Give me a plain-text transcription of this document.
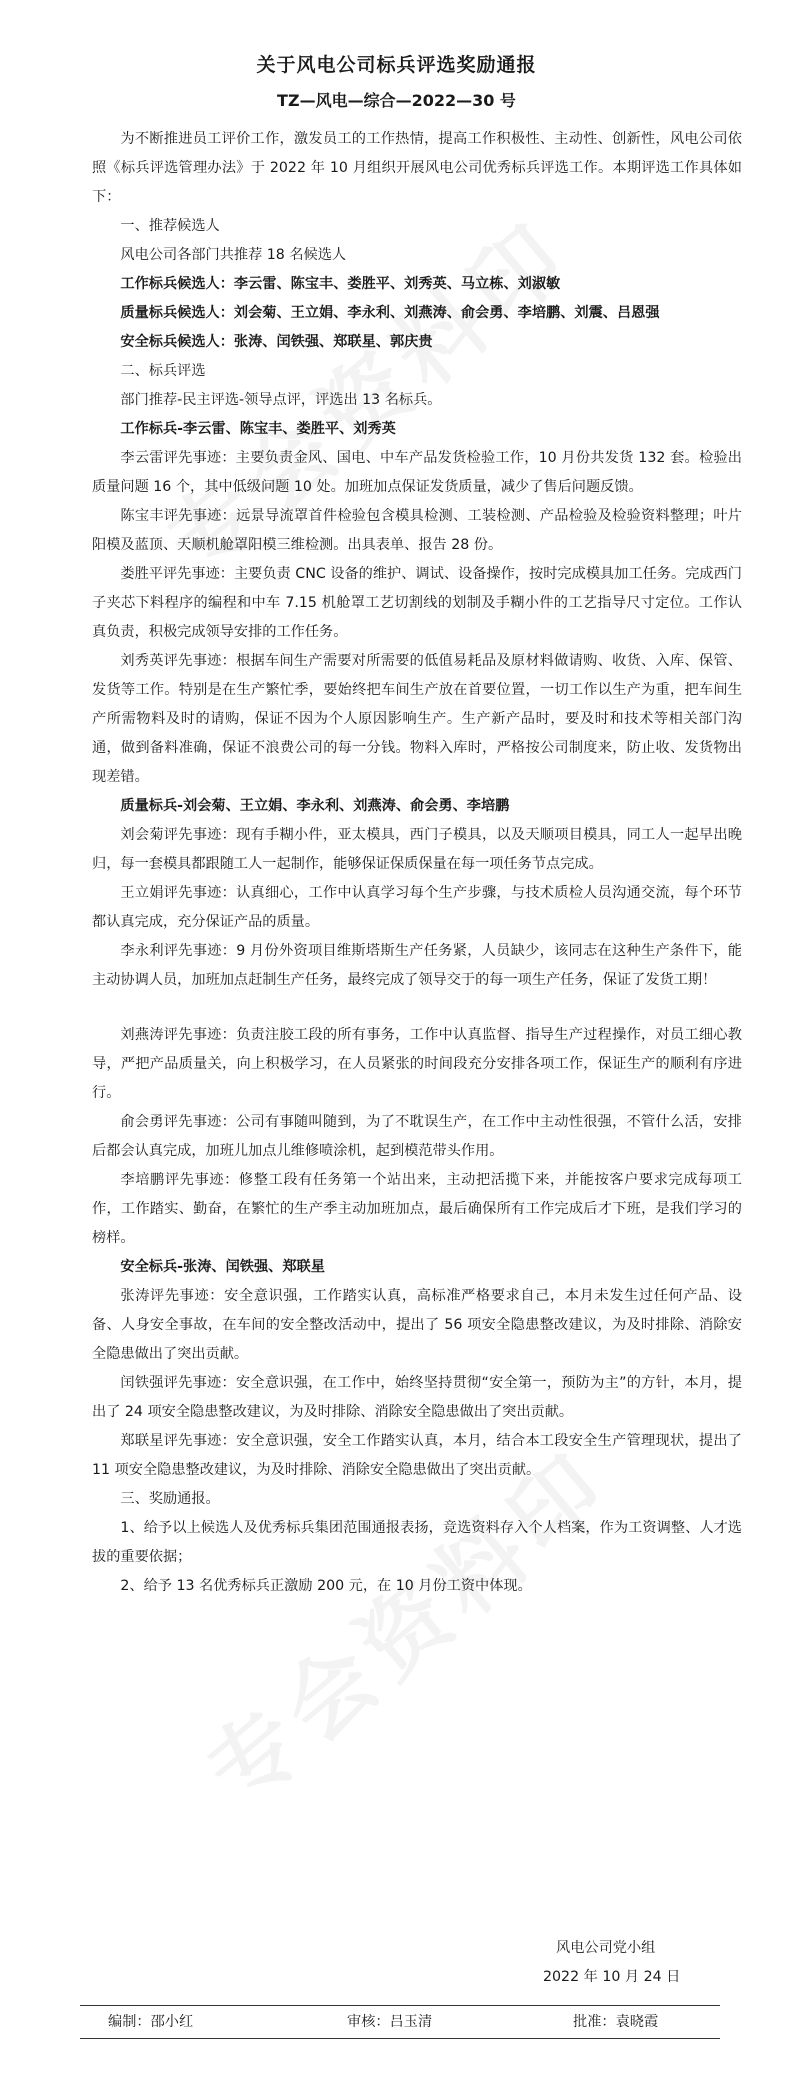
关于风电公司标兵评选奖励通报
TZ—风电—综合—2022—30 号

为不断推进员工评价工作，激发员工的工作热情，提高工作积极性、主动性、创新性，风电公司依照《标兵评选管理办法》于 2022 年 10 月组织开展风电公司优秀标兵评选工作。本期评选工作具体如下：

一、推荐候选人

风电公司各部门共推荐 18 名候选人

工作标兵候选人：李云雷、陈宝丰、娄胜平、刘秀英、马立栋、刘淑敏

质量标兵候选人：刘会菊、王立娟、李永利、刘燕涛、俞会勇、李培鹏、刘震、吕恩强

安全标兵候选人：张涛、闰铁强、郑联星、郭庆贵

二、标兵评选

部门推荐-民主评选-领导点评，评选出 13 名标兵。

工作标兵-李云雷、陈宝丰、娄胜平、刘秀英

李云雷评先事迹：主要负责金风、国电、中车产品发货检验工作，10 月份共发货 132 套。检验出质量问题 16 个，其中低级问题 10 处。加班加点保证发货质量，减少了售后问题反馈。

陈宝丰评先事迹：远景导流罩首件检验包含模具检测、工装检测、产品检验及检验资料整理；叶片阳模及蓝顶、天顺机舱罩阳模三维检测。出具表单、报告 28 份。

娄胜平评先事迹：主要负责 CNC 设备的维护、调试、设备操作，按时完成模具加工任务。完成西门子夹芯下料程序的编程和中车 7.15 机舱罩工艺切割线的划制及手糊小件的工艺指导尺寸定位。工作认真负责，积极完成领导安排的工作任务。

刘秀英评先事迹：根据车间生产需要对所需要的低值易耗品及原材料做请购、收货、入库、保管、发货等工作。特别是在生产繁忙季，要始终把车间生产放在首要位置，一切工作以生产为重，把车间生产所需物料及时的请购，保证不因为个人原因影响生产。生产新产品时，要及时和技术等相关部门沟通，做到备料准确，保证不浪费公司的每一分钱。物料入库时，严格按公司制度来，防止收、发货物出现差错。

质量标兵-刘会菊、王立娟、李永利、刘燕涛、俞会勇、李培鹏

刘会菊评先事迹：现有手糊小件，亚太模具，西门子模具，以及天顺项目模具，同工人一起早出晚归，每一套模具都跟随工人一起制作，能够保证保质保量在每一项任务节点完成。

王立娟评先事迹：认真细心，工作中认真学习每个生产步骤，与技术质检人员沟通交流，每个环节都认真完成，充分保证产品的质量。

李永利评先事迹：9 月份外资项目维斯塔斯生产任务紧，人员缺少，该同志在这种生产条件下，能主动协调人员，加班加点赶制生产任务，最终完成了领导交于的每一项生产任务，保证了发货工期！

刘燕涛评先事迹：负责注胶工段的所有事务，工作中认真监督、指导生产过程操作，对员工细心教导，严把产品质量关，向上积极学习，在人员紧张的时间段充分安排各项工作，保证生产的顺利有序进行。

俞会勇评先事迹：公司有事随叫随到，为了不耽误生产，在工作中主动性很强，不管什么活，安排后都会认真完成，加班儿加点儿维修喷涂机，起到模范带头作用。

李培鹏评先事迹：修整工段有任务第一个站出来，主动把活揽下来，并能按客户要求完成每项工作，工作踏实、勤奋，在繁忙的生产季主动加班加点，最后确保所有工作完成后才下班，是我们学习的榜样。

安全标兵-张涛、闰铁强、郑联星

张涛评先事迹：安全意识强，工作踏实认真，高标准严格要求自己，本月未发生过任何产品、设备、人身安全事故，在车间的安全整改活动中，提出了 56 项安全隐患整改建议，为及时排除、消除安全隐患做出了突出贡献。

闰铁强评先事迹：安全意识强，在工作中，始终坚持贯彻“安全第一，预防为主”的方针，本月，提出了 24 项安全隐患整改建议，为及时排除、消除安全隐患做出了突出贡献。

郑联星评先事迹：安全意识强，安全工作踏实认真，本月，结合本工段安全生产管理现状，提出了 11 项安全隐患整改建议，为及时排除、消除安全隐患做出了突出贡献。

三、奖励通报。

1、给予以上候选人及优秀标兵集团范围通报表扬，竞选资料存入个人档案，作为工资调整、人才选拔的重要依据；

2、给予 13 名优秀标兵正激励 200 元，在 10 月份工资中体现。

风电公司党小组
2022 年 10 月 24 日
编制：邵小红	审核：吕玉清	批准：袁晓霞
